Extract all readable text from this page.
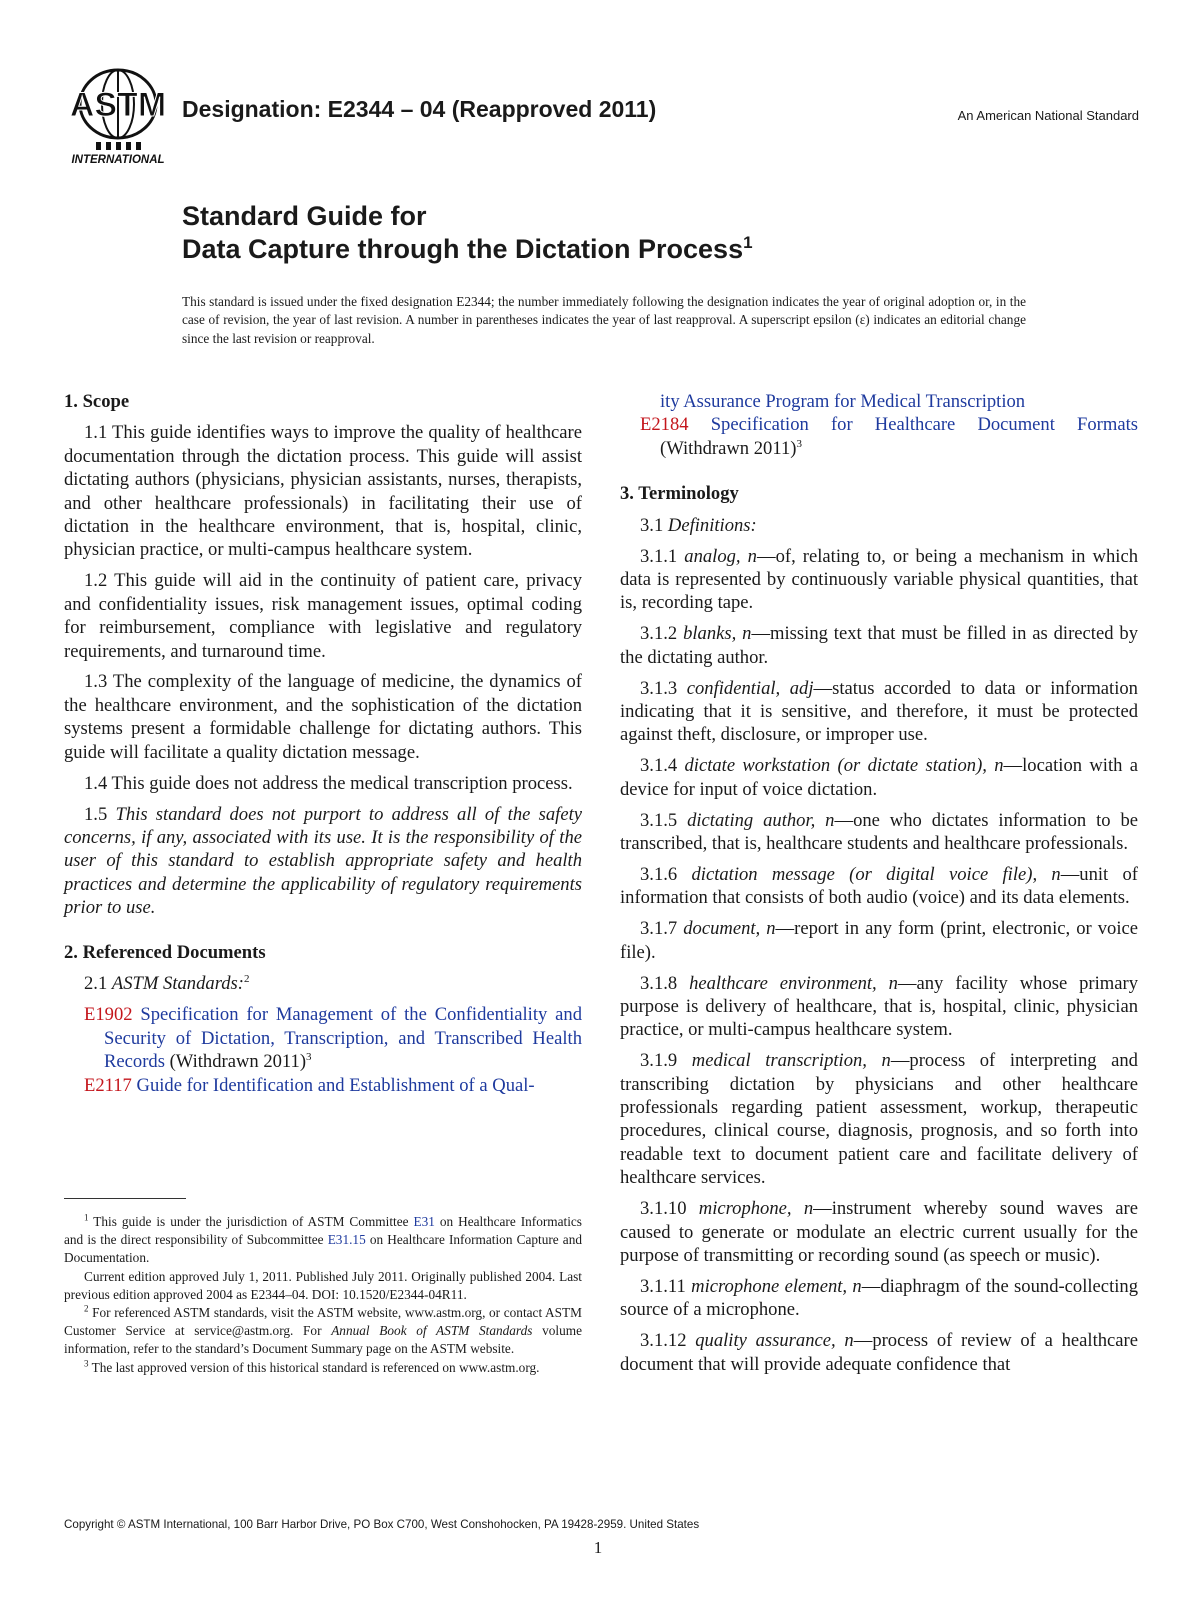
ASTM
INTERNATIONAL
Designation: E2344 – 04 (Reapproved 2011)	An American National Standard
Standard Guide for
Data Capture through the Dictation Process$^1$
This standard is issued under the fixed designation E2344; the number immediately following the designation indicates the year of original adoption or, in the case of revision, the year of last revision. A number in parentheses indicates the year of last reapproval. A superscript epsilon (ε) indicates an editorial change since the last revision or reapproval.
1. Scope

1.1 This guide identifies ways to improve the quality of healthcare documentation through the dictation process. This guide will assist dictating authors (physicians, physician assistants, nurses, therapists, and other healthcare professionals) in facilitating their use of dictation in the healthcare environment, that is, hospital, clinic, physician practice, or multi-campus healthcare system.

1.2 This guide will aid in the continuity of patient care, privacy and confidentiality issues, risk management issues, optimal coding for reimbursement, compliance with legislative and regulatory requirements, and turnaround time.

1.3 The complexity of the language of medicine, the dynamics of the healthcare environment, and the sophistication of the dictation systems present a formidable challenge for dictating authors. This guide will facilitate a quality dictation message.

1.4 This guide does not address the medical transcription process.

1.5 This standard does not purport to address all of the safety concerns, if any, associated with its use. It is the responsibility of the user of this standard to establish appropriate safety and health practices and determine the applicability of regulatory requirements prior to use.

2. Referenced Documents

2.1 ASTM Standards:$^2$

E1902 Specification for Management of the Confidentiality and Security of Dictation, Transcription, and Transcribed Health Records (Withdrawn 2011)$^3$
E2117 Guide for Identification and Establishment of a Qual-

$^1$ This guide is under the jurisdiction of ASTM Committee E31 on Healthcare Informatics and is the direct responsibility of Subcommittee E31.15 on Healthcare Information Capture and Documentation.

Current edition approved July 1, 2011. Published July 2011. Originally published 2004. Last previous edition approved 2004 as E2344–04. DOI: 10.1520/E2344-04R11.

$^2$ For referenced ASTM standards, visit the ASTM website, www.astm.org, or contact ASTM Customer Service at service@astm.org. For Annual Book of ASTM Standards volume information, refer to the standard’s Document Summary page on the ASTM website.

$^3$ The last approved version of this historical standard is referenced on www.astm.org.

ity Assurance Program for Medical Transcription
E2184 Specification for Healthcare Document Formats (Withdrawn 2011)$^3$
3. Terminology

3.1 Definitions:

3.1.1 analog, n—of, relating to, or being a mechanism in which data is represented by continuously variable physical quantities, that is, recording tape.

3.1.2 blanks, n—missing text that must be filled in as directed by the dictating author.

3.1.3 confidential, adj—status accorded to data or information indicating that it is sensitive, and therefore, it must be protected against theft, disclosure, or improper use.

3.1.4 dictate workstation (or dictate station), n—location with a device for input of voice dictation.

3.1.5 dictating author, n—one who dictates information to be transcribed, that is, healthcare students and healthcare professionals.

3.1.6 dictation message (or digital voice file), n—unit of information that consists of both audio (voice) and its data elements.

3.1.7 document, n—report in any form (print, electronic, or voice file).

3.1.8 healthcare environment, n—any facility whose primary purpose is delivery of healthcare, that is, hospital, clinic, physician practice, or multi-campus healthcare system.

3.1.9 medical transcription, n—process of interpreting and transcribing dictation by physicians and other healthcare professionals regarding patient assessment, workup, therapeutic procedures, clinical course, diagnosis, prognosis, and so forth into readable text to document patient care and facilitate delivery of healthcare services.

3.1.10 microphone, n—instrument whereby sound waves are caused to generate or modulate an electric current usually for the purpose of transmitting or recording sound (as speech or music).

3.1.11 microphone element, n—diaphragm of the sound-collecting source of a microphone.

3.1.12 quality assurance, n—process of review of a healthcare document that will provide adequate confidence that

Copyright © ASTM International, 100 Barr Harbor Drive, PO Box C700, West Conshohocken, PA 19428-2959. United States
1
